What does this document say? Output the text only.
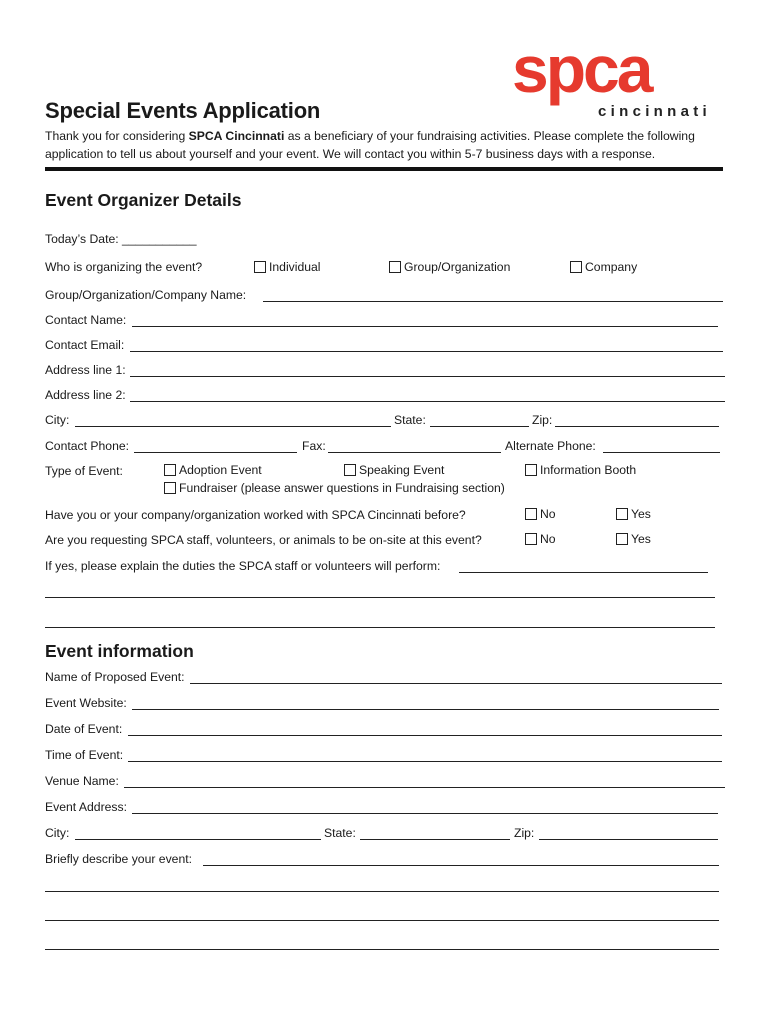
spca
cincinnati
Special Events Application
Thank you for considering SPCA Cincinnati as a beneficiary of your fundraising activities. Please complete the following
application to tell us about yourself and your event. We will contact you within 5-7 business days with a response.
Event Organizer Details
Today’s Date: ___________
Who is organizing the event?	Individual	Group/Organization	Company
Group/Organization/Company Name:
Contact Name:
Contact Email:
Address line 1:
Address line 2:
City:	State:	Zip:
Contact Phone:	Fax:	Alternate Phone:
Type of Event:	Adoption Event	Speaking Event	Information Booth
Fundraiser (please answer questions in Fundraising section)
Have you or your company/organization worked with SPCA Cincinnati before?	No	Yes
Are you requesting SPCA staff, volunteers, or animals to be on-site at this event?	No	Yes
If yes, please explain the duties the SPCA staff or volunteers will perform:
Event information
Name of Proposed Event:
Event Website:
Date of Event:
Time of Event:
Venue Name:
Event Address:
City:	State:	Zip:
Briefly describe your event:
